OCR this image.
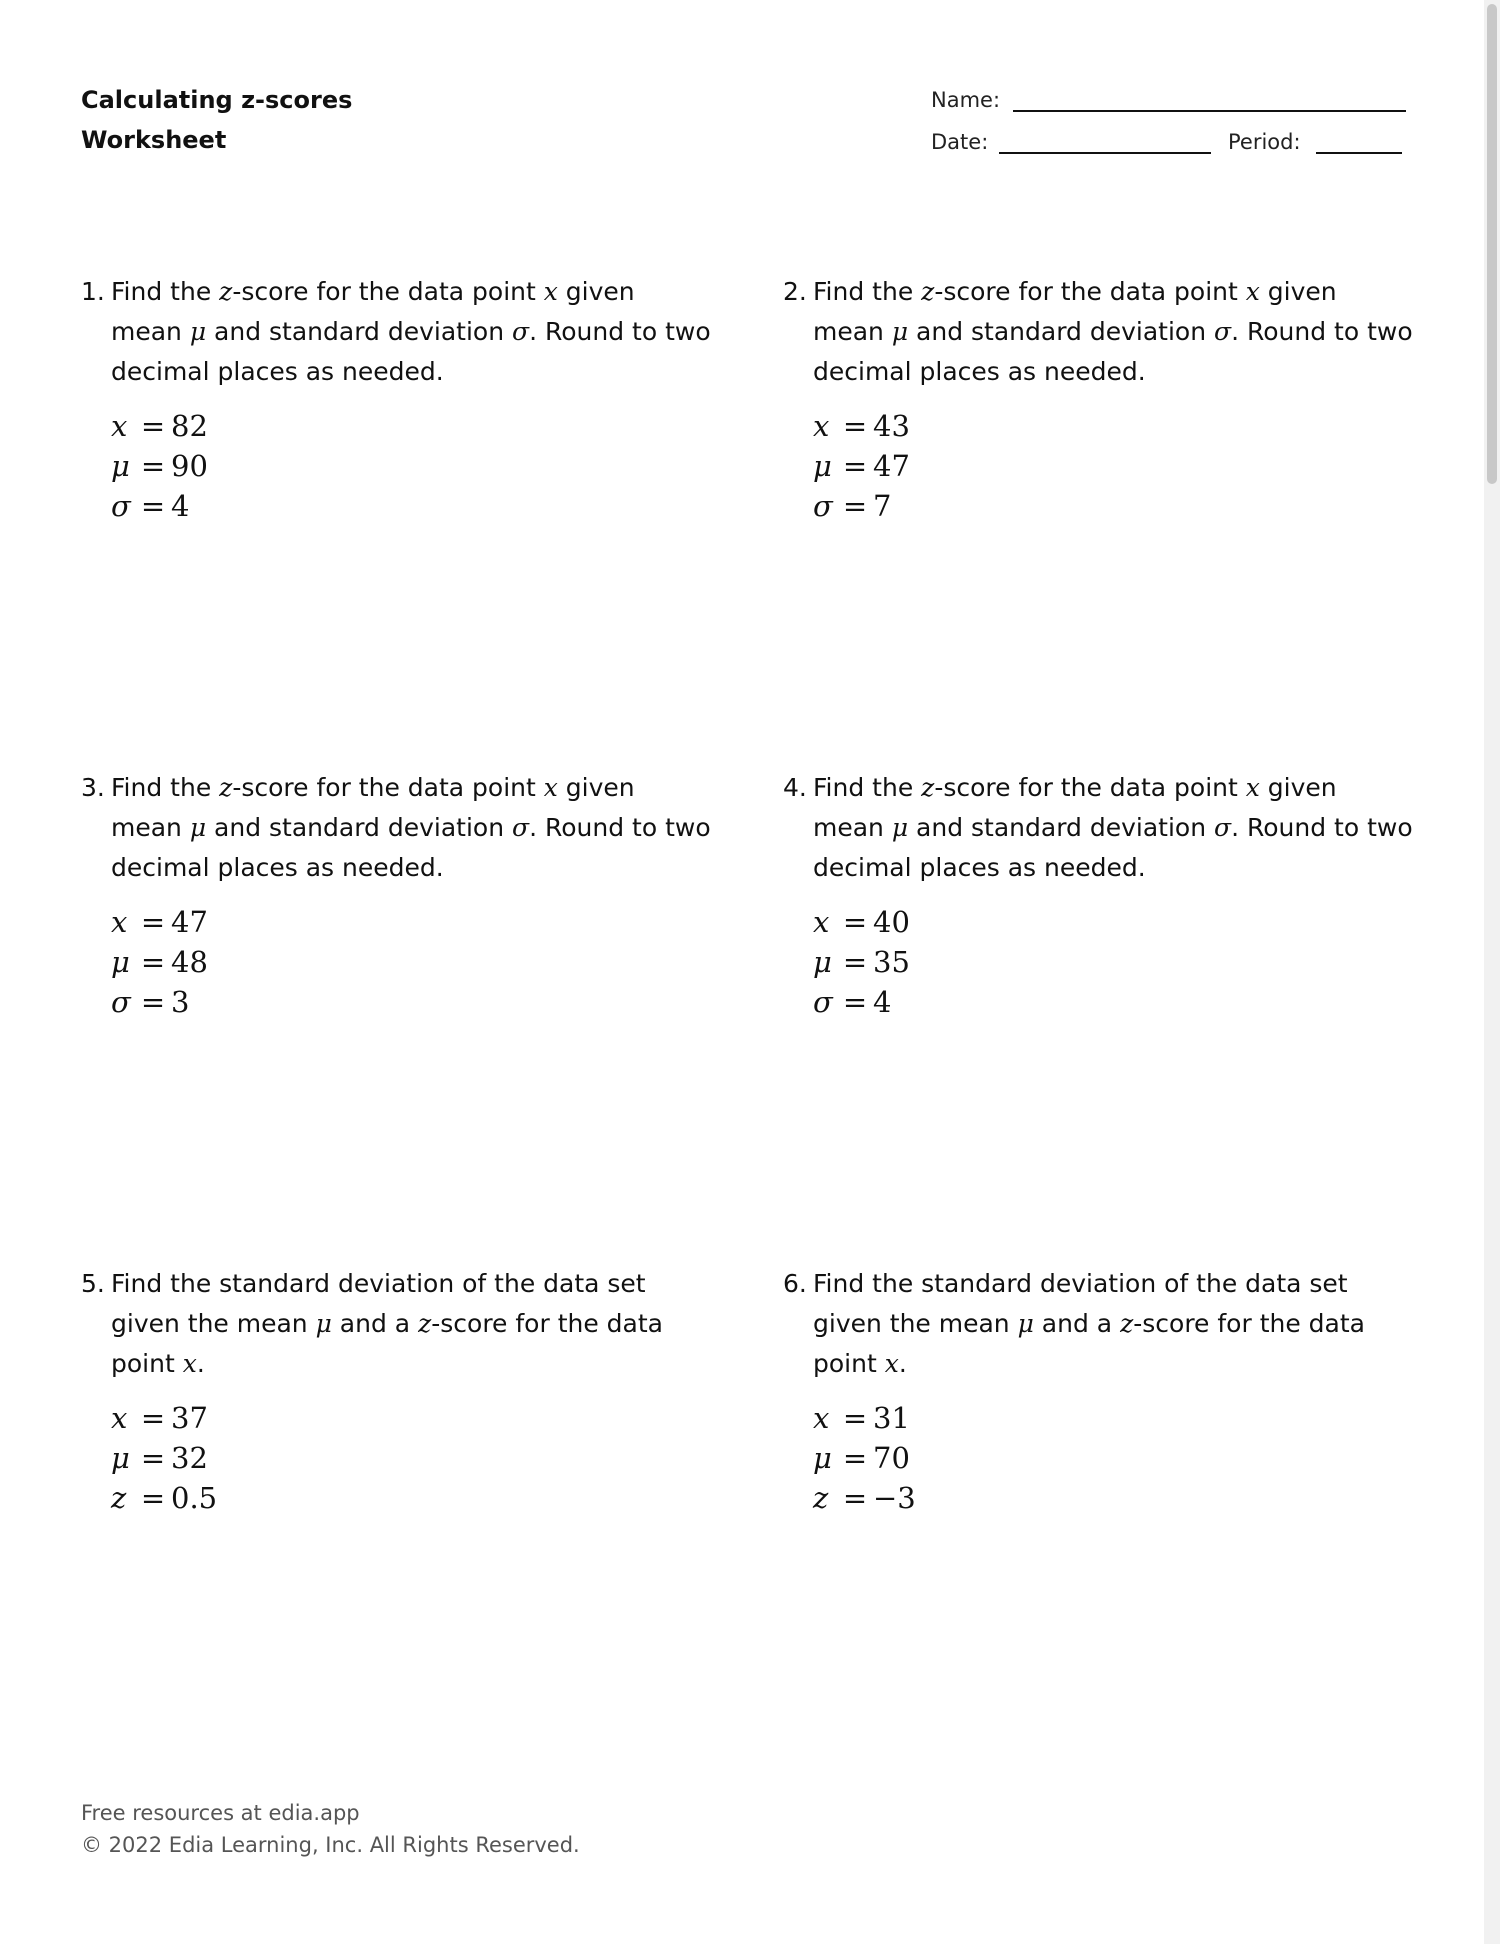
Calculating z-scores
Worksheet
Name:
Date:	Period:
1. Find the z-score for the data point x given mean μ and standard deviation σ. Round to two decimal places as needed.
x = 82
μ = 90
σ = 4
2. Find the z-score for the data point x given mean μ and standard deviation σ. Round to two decimal places as needed.
x = 43
μ = 47
σ = 7
3. Find the z-score for the data point x given mean μ and standard deviation σ. Round to two decimal places as needed.
x = 47
μ = 48
σ = 3
4. Find the z-score for the data point x given mean μ and standard deviation σ. Round to two decimal places as needed.
x = 40
μ = 35
σ = 4
5. Find the standard deviation of the data set given the mean μ and a z-score for the data point x.
x = 37
μ = 32
z = 0.5
6. Find the standard deviation of the data set given the mean μ and a z-score for the data point x.
x = 31
μ = 70
z = −3
Free resources at edia.app
© 2022 Edia Learning, Inc. All Rights Reserved.
